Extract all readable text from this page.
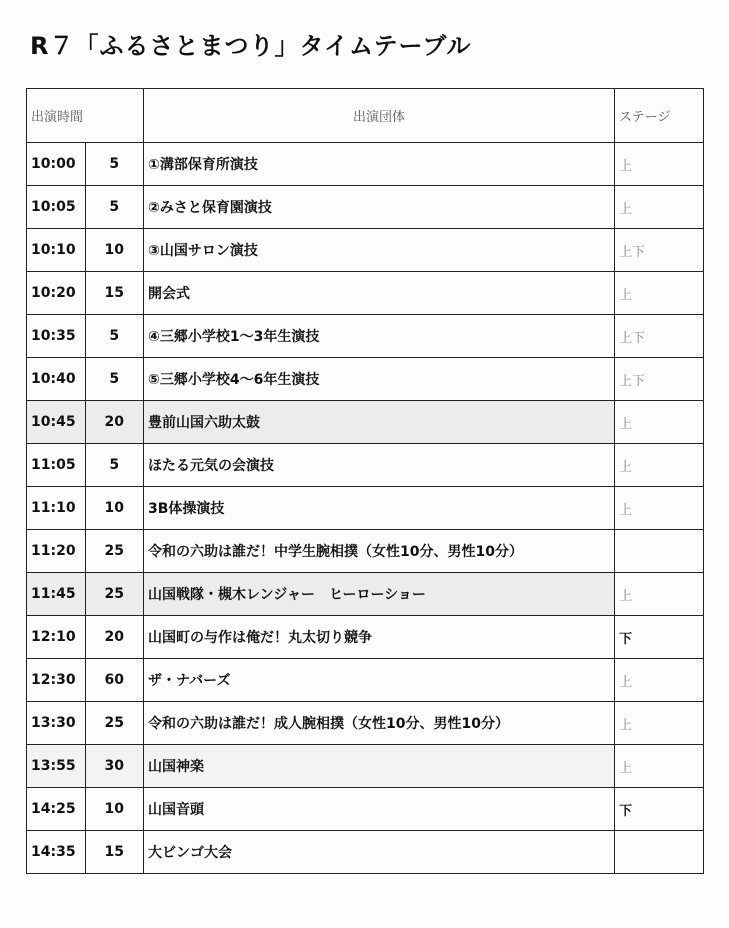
R７「ふるさとまつり」タイムテーブル
出演時間		出演団体	ステージ
10:00	5	①溝部保育所演技	上
10:05	5	②みさと保育園演技	上
10:10	10	③山国サロン演技	上下
10:20	15	開会式	上
10:35	5	④三郷小学校1～3年生演技	上下
10:40	5	⑤三郷小学校4～6年生演技	上下
10:45	20	豊前山国六助太鼓	上
11:05	5	ほたる元気の会演技	上
11:10	10	3B体操演技	上
11:20	25	令和の六助は誰だ！中学生腕相撲（女性10分、男性10分）	
11:45	25	山国戦隊・槻木レンジャー　ヒーローショー	上
12:10	20	山国町の与作は俺だ！丸太切り競争	下
12:30	60	ザ・ナバーズ	上
13:30	25	令和の六助は誰だ！成人腕相撲（女性10分、男性10分）	上
13:55	30	山国神楽	上
14:25	10	山国音頭	下
14:35	15	大ビンゴ大会	
